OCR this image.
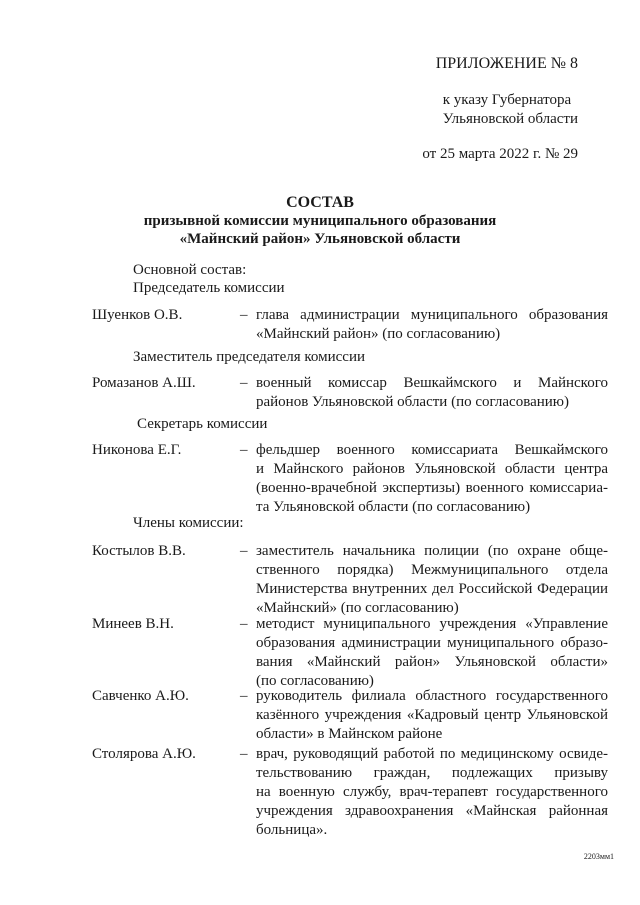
ПРИЛОЖЕНИЕ № 8
к указу Губернатора
Ульяновской области
от 25 марта 2022 г. № 29
СОСТАВ
призывной комиссии муниципального образования
«Майнский район» Ульяновской области
Основной состав:
Председатель комиссии
Шуенков О.В.	– глава администрации муниципального образования

«Майнский район» (по согласованию)

Заместитель председателя комиссии
Ромазанов А.Ш.	– военный комиссар Вешкаймского и Майнского

районов Ульяновской области (по согласованию)

Секретарь комиссии
Никонова Е.Г.	– фельдшер военного комиссариата Вешкаймского

и Майнского районов Ульяновской области центра

(военно-врачебной экспертизы) военного комиссариа-

та Ульяновской области (по согласованию)

Члены комиссии:
Костылов В.В.	– заместитель начальника полиции (по охране обще-

ственного порядка) Межмуниципального отдела

Министерства внутренних дел Российской Федерации

«Майнский» (по согласованию)

Минеев В.Н.	– методист муниципального учреждения «Управление

образования администрации муниципального образо-

вания «Майнский район» Ульяновской области»

(по согласованию)

Савченко А.Ю.	– руководитель филиала областного государственного

казённого учреждения «Кадровый центр Ульяновской

области» в Майнском районе

Столярова А.Ю.	– врач, руководящий работой по медицинскому освиде-

тельствованию граждан, подлежащих призыву

на военную службу, врач-терапевт государственного

учреждения здравоохранения «Майнская районная

больница».

2203мм1
